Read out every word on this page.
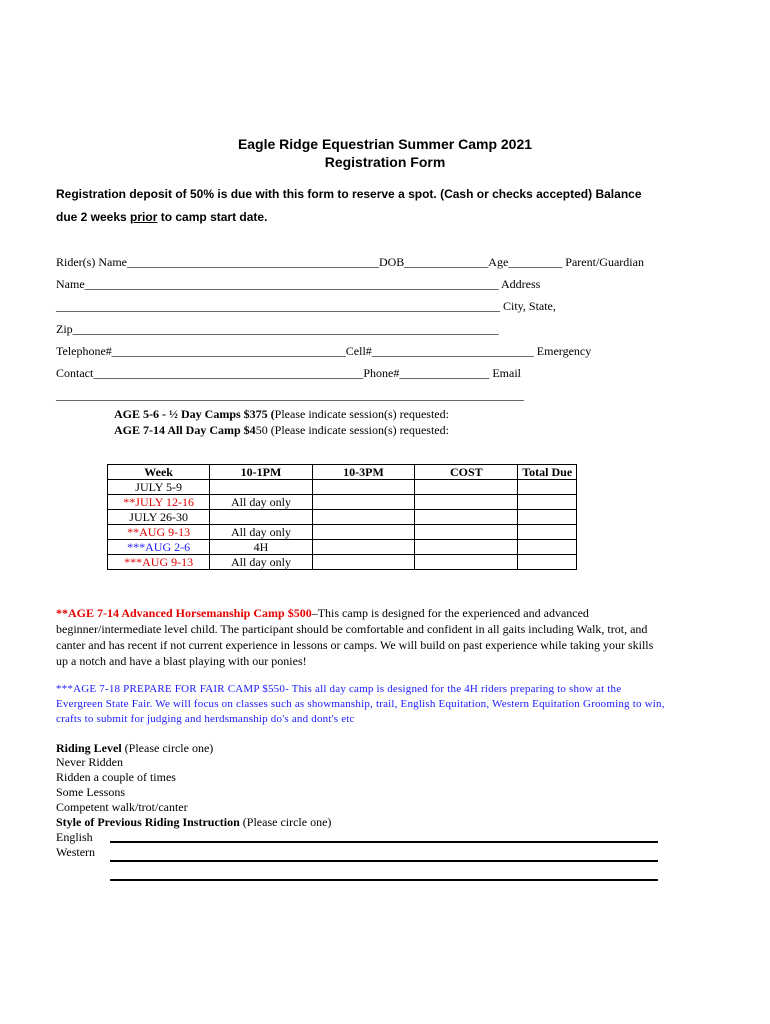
Eagle Ridge Equestrian Summer Camp 2021
Registration Form
Registration deposit of 50% is due with this form to reserve a spot. (Cash or checks accepted) Balance
due 2 weeks prior to camp start date.
Rider(s) Name__________________________________________DOB______________Age_________ Parent/Guardian
Name_____________________________________________________________________ Address
__________________________________________________________________________ City, State,
Zip_______________________________________________________________________
Telephone#_______________________________________Cell#___________________________ Emergency
Contact_____________________________________________Phone#_______________ Email
______________________________________________________________________________
AGE 5-6 - ½ Day Camps $375 (Please indicate session(s) requested:
AGE 7-14 All Day Camp $450 (Please indicate session(s) requested:
Week	10-1PM	10-3PM	COST	Total Due
JULY 5-9				
**JULY 12-16	All day only			
JULY 26-30				
**AUG 9-13	All day only			
***AUG 2-6	4H			
***AUG 9-13	All day only			
**AGE 7-14 Advanced Horsemanship Camp $500–This camp is designed for the experienced and advanced beginner/intermediate level child. The participant should be comfortable and confident in all gaits including Walk, trot, and canter and has recent if not current experience in lessons or camps. We will build on past experience while taking your skills up a notch and have a blast playing with our ponies!
***AGE 7-18 PREPARE FOR FAIR CAMP $550- This all day camp is designed for the 4H riders preparing to show at the Evergreen State Fair. We will focus on classes such as showmanship, trail, English Equitation, Western Equitation Grooming to win, crafts to submit for judging and herdsmanship do's and dont's etc
Riding Level (Please circle one)
Never Ridden
Ridden a couple of times
Some Lessons
Competent walk/trot/canter
Style of Previous Riding Instruction (Please circle one)
English
Western
